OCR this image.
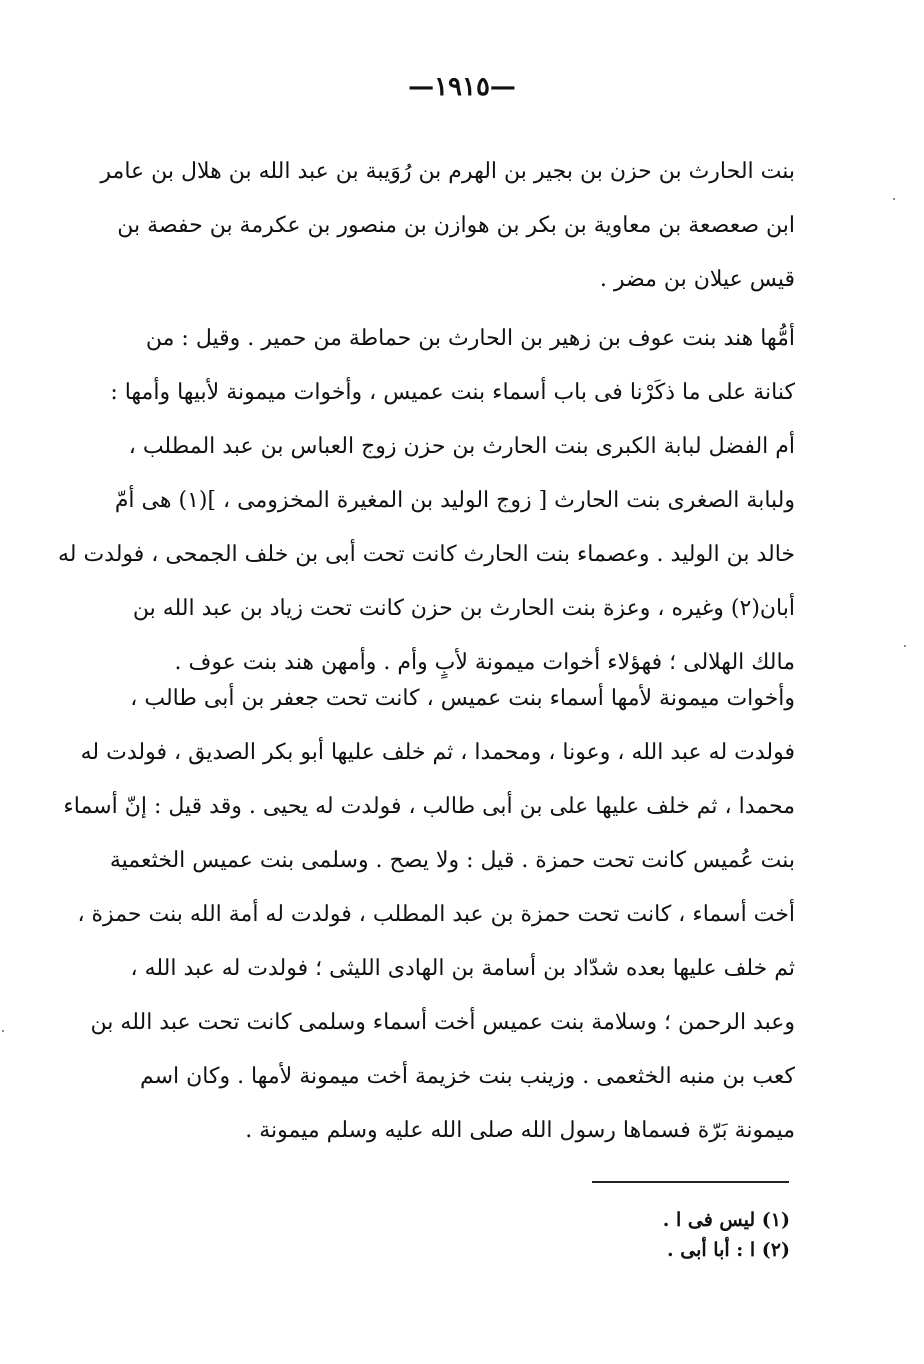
—١٩١٥—
بنت الحارث بن حزن بن بجير بن الهرم بن رُوَيبة بن عبد الله بن هلال بن عامر
ابن صعصعة بن معاوية بن بكر بن هوازن بن منصور بن عكرمة بن حفصة بن
قيس عيلان بن مضر .
أمُّها هند بنت عوف بن زهير بن الحارث بن حماطة من حمير . وقيل : من
كنانة على ما ذكَرْنا فى باب أسماء بنت عميس ، وأخوات ميمونة لأبيها وأمها :
أم الفضل لبابة الكبرى بنت الحارث بن حزن زوج العباس بن عبد المطلب ،
ولبابة الصغرى بنت الحارث [ زوج الوليد بن المغيرة المخزومى ، ](١) هى أمّ
خالد بن الوليد . وعصماء بنت الحارث كانت تحت أبى بن خلف الجمحى ، فولدت له
أبان(٢) وغيره ، وعزة بنت الحارث بن حزن كانت تحت زياد بن عبد الله بن
مالك الهلالى ؛ فهؤلاء أخوات ميمونة لأبٍ وأم . وأمهن هند بنت عوف .
وأخوات ميمونة لأمها أسماء بنت عميس ، كانت تحت جعفر بن أبى طالب ،
فولدت له عبد الله ، وعونا ، ومحمدا ، ثم خلف عليها أبو بكر الصديق ، فولدت له
محمدا ، ثم خلف عليها على بن أبى طالب ، فولدت له يحيى . وقد قيل : إنّ أسماء
بنت عُميس كانت تحت حمزة . قيل : ولا يصح . وسلمى بنت عميس الخثعمية
أخت أسماء ، كانت تحت حمزة بن عبد المطلب ، فولدت له أمة الله بنت حمزة ،
ثم خلف عليها بعده شدّاد بن أسامة بن الهادى الليثى ؛ فولدت له عبد الله ،
وعبد الرحمن ؛ وسلامة بنت عميس أخت أسماء وسلمى كانت تحت عبد الله بن
كعب بن منبه الخثعمى . وزينب بنت خزيمة أخت ميمونة لأمها . وكان اسم
ميمونة بَرّة فسماها رسول الله صلى الله عليه وسلم ميمونة .
(١) ليس فى ا .
(٢) ا : أبا أبى .
